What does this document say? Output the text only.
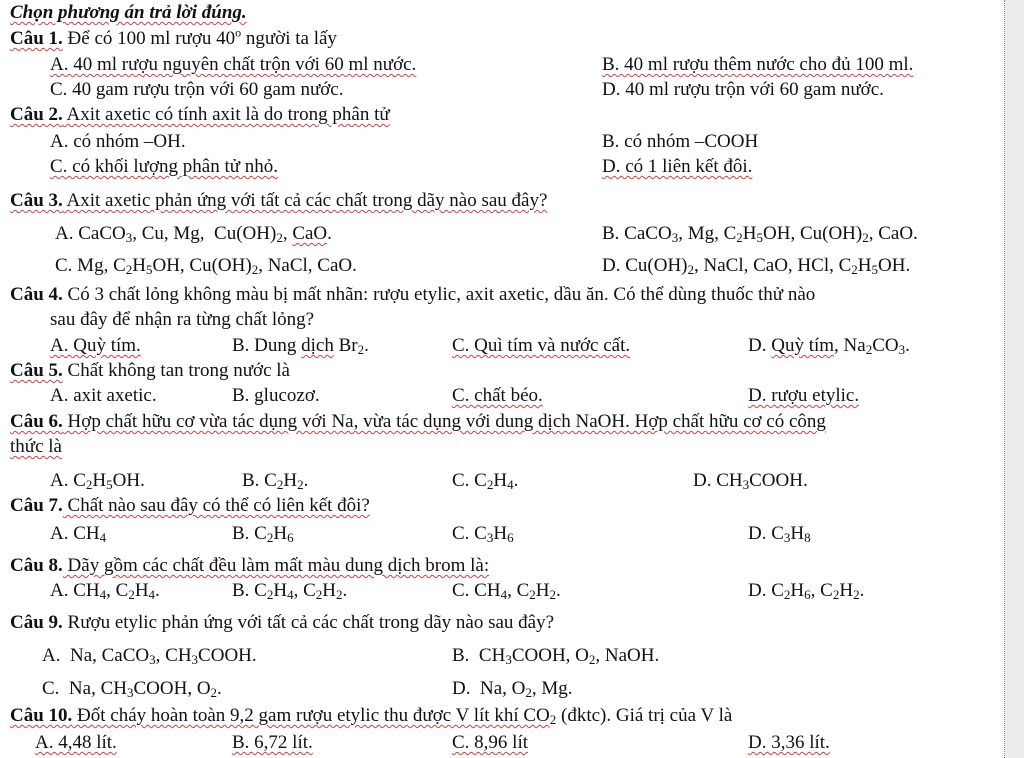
Chọn phương án trả lời đúng.
Câu 1. Để có 100 ml rượu 40$^o$ người ta lấy
A. 40 ml rượu nguyên chất trộn với 60 ml nước.	B. 40 ml rượu thêm nước cho đủ 100 ml.
C. 40 gam rượu trộn với 60 gam nước.	D. 40 ml rượu trộn với 60 gam nước.
Câu 2. Axit axetic có tính axit là do trong phân tử
A. có nhóm –OH.	B. có nhóm –COOH
C. có khối lượng phân tử nhỏ.	D. có 1 liên kết đôi.
Câu 3. Axit axetic phản ứng với tất cả các chất trong dãy nào sau đây?
A. CaCO$_3$, Cu, Mg,  $Cu(OH)_2$, CaO.	B. CaCO$_3$, Mg, $C_2H_5OH$, $Cu(OH)_2$, CaO.
C. Mg, $C_2H_5OH$, $Cu(OH)_2$, NaCl, CaO.	D. $Cu(OH)_2$, NaCl, CaO, HCl, $C_2H_5OH$.
Câu 4. Có 3 chất lỏng không màu bị mất nhãn: rượu etylic, axit axetic, dầu ăn. Có thể dùng thuốc thử nào
sau đây để nhận ra từng chất lỏng?
A. Quỳ tím.	B. Dung dịch $Br_2$.	C. Quì tím và nước cất.	D. Quỳ tím, $Na_2CO_3$.
Câu 5. Chất không tan trong nước là
A. axit axetic.	B. glucozơ.	C. chất béo.	D. rượu etylic.
Câu 6. Hợp chất hữu cơ vừa tác dụng với Na, vừa tác dụng với dung dịch NaOH. Hợp chất hữu cơ có công
thức là
A. $C_2H_5OH$.	B. $C_2H_2$.	C. $C_2H_4$.	D. $CH_3COOH$.
Câu 7. Chất nào sau đây có thể có liên kết đôi?
A. $CH_4$	B. $C_2H_6$	C. $C_3H_6$	D. $C_3H_8$
Câu 8. Dãy gồm các chất đều làm mất màu dung dịch brom là:
A. $CH_4$, $C_2H_4$.	B. $C_2H_4$, $C_2H_2$.	C. $CH_4$, $C_2H_2$.	D. $C_2H_6$, $C_2H_2$.
Câu 9. Rượu etylic phản ứng với tất cả các chất trong dãy nào sau đây?
A.  Na, CaCO$_3$, $CH_3COOH$.	B.  $CH_3COOH$, $O_2$, NaOH.
C.  Na, $CH_3COOH$, $O_2$.	D.  Na, $O_2$, Mg.
Câu 10. Đốt cháy hoàn toàn 9,2 gam rượu etylic thu được V lít khí $CO_2$ (đktc). Giá trị của V là
A. 4,48 lít.	B. 6,72 lít.	C. 8,96 lít	D. 3,36 lít.
